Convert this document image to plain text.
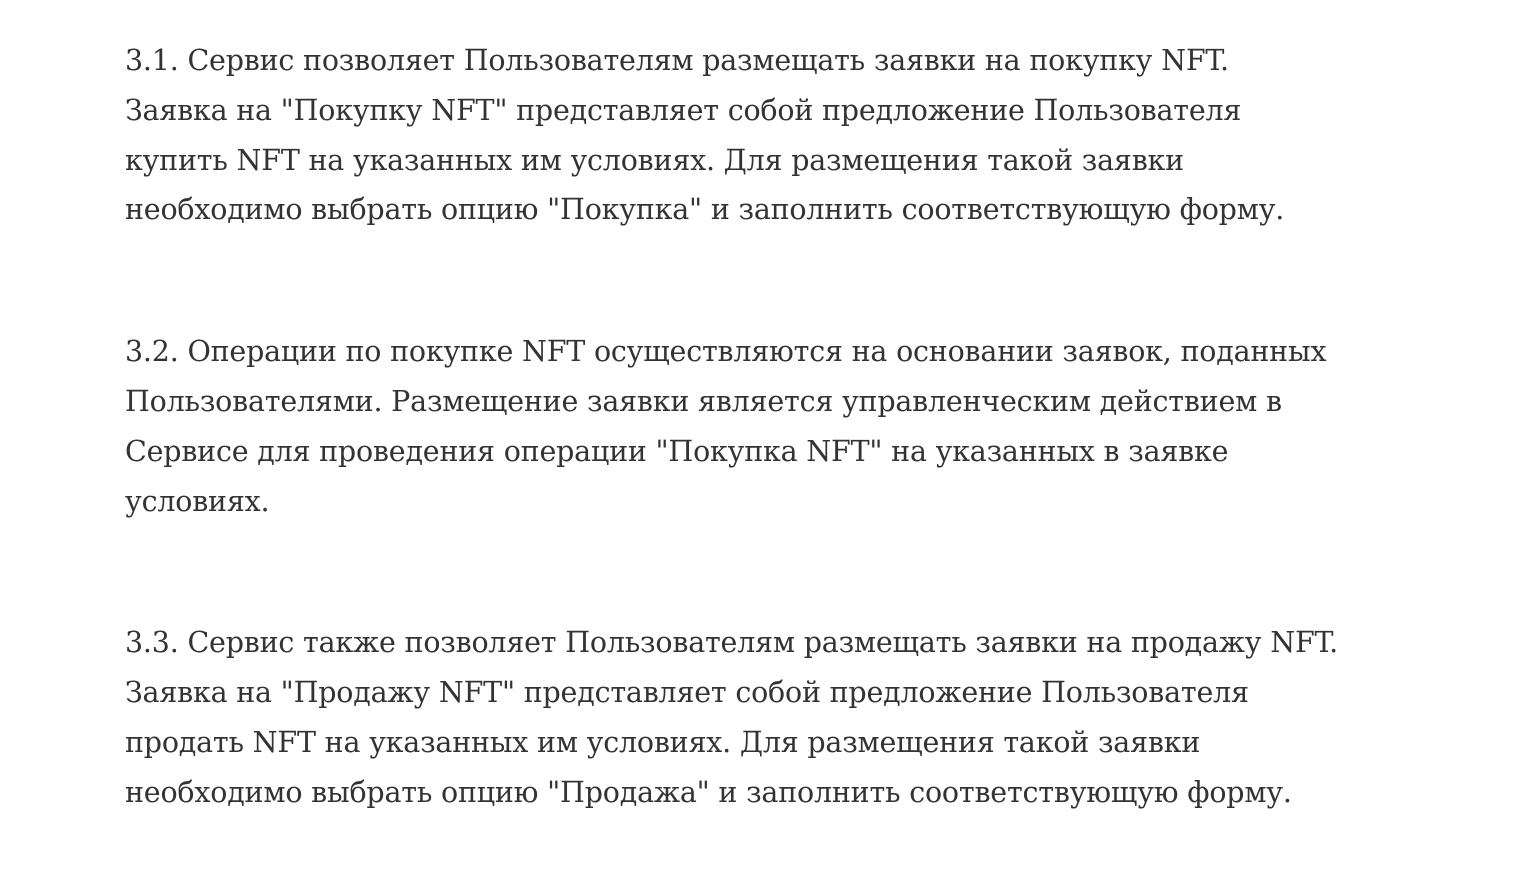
3.1. Сервис позволяет Пользователям размещать заявки на покупку NFT. Заявка на "Покупку NFT" представляет собой предложение Пользователя купить NFT на указанных им условиях. Для размещения такой заявки необходимо выбрать опцию "Покупка" и заполнить соответствующую форму.

3.2. Операции по покупке NFT осуществляются на основании заявок, поданных Пользователями. Размещение заявки является управленческим действием в Сервисе для проведения операции "Покупка NFT" на указанных в заявке условиях.

3.3. Сервис также позволяет Пользователям размещать заявки на продажу NFT. Заявка на "Продажу NFT" представляет собой предложение Пользователя продать NFT на указанных им условиях. Для размещения такой заявки необходимо выбрать опцию "Продажа" и заполнить соответствующую форму.
